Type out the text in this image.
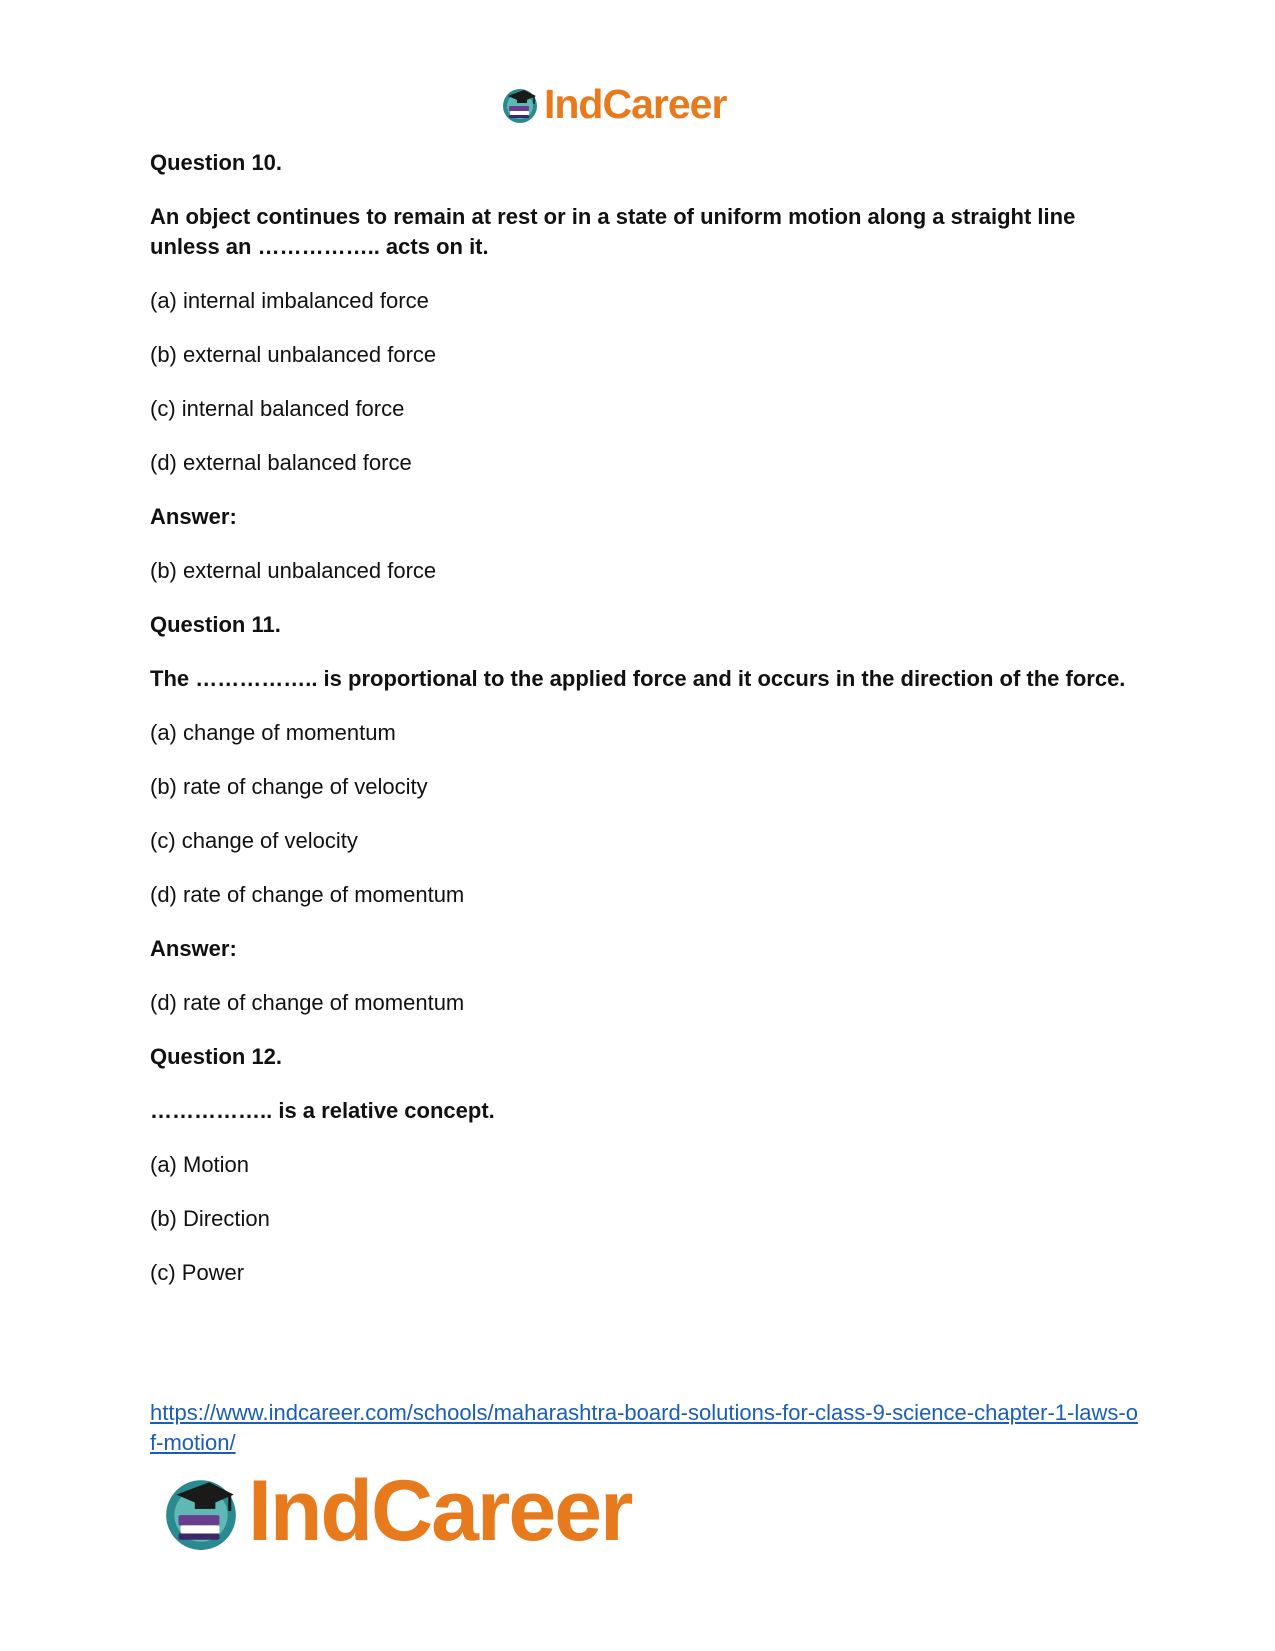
IndCareer

Question 10.

An object continues to remain at rest or in a state of uniform motion along a straight line unless an …………….. acts on it.

(a) internal imbalanced force

(b) external unbalanced force

(c) internal balanced force

(d) external balanced force

Answer:

(b) external unbalanced force

Question 11.

The …………….. is proportional to the applied force and it occurs in the direction of the force.

(a) change of momentum

(b) rate of change of velocity

(c) change of velocity

(d) rate of change of momentum

Answer:

(d) rate of change of momentum

Question 12.

…………….. is a relative concept.

(a) Motion

(b) Direction

(c) Power

https://www.indcareer.com/schools/maharashtra-board-solutions-for-class-9-science-chapter-1-laws-of-motion/
IndCareer
